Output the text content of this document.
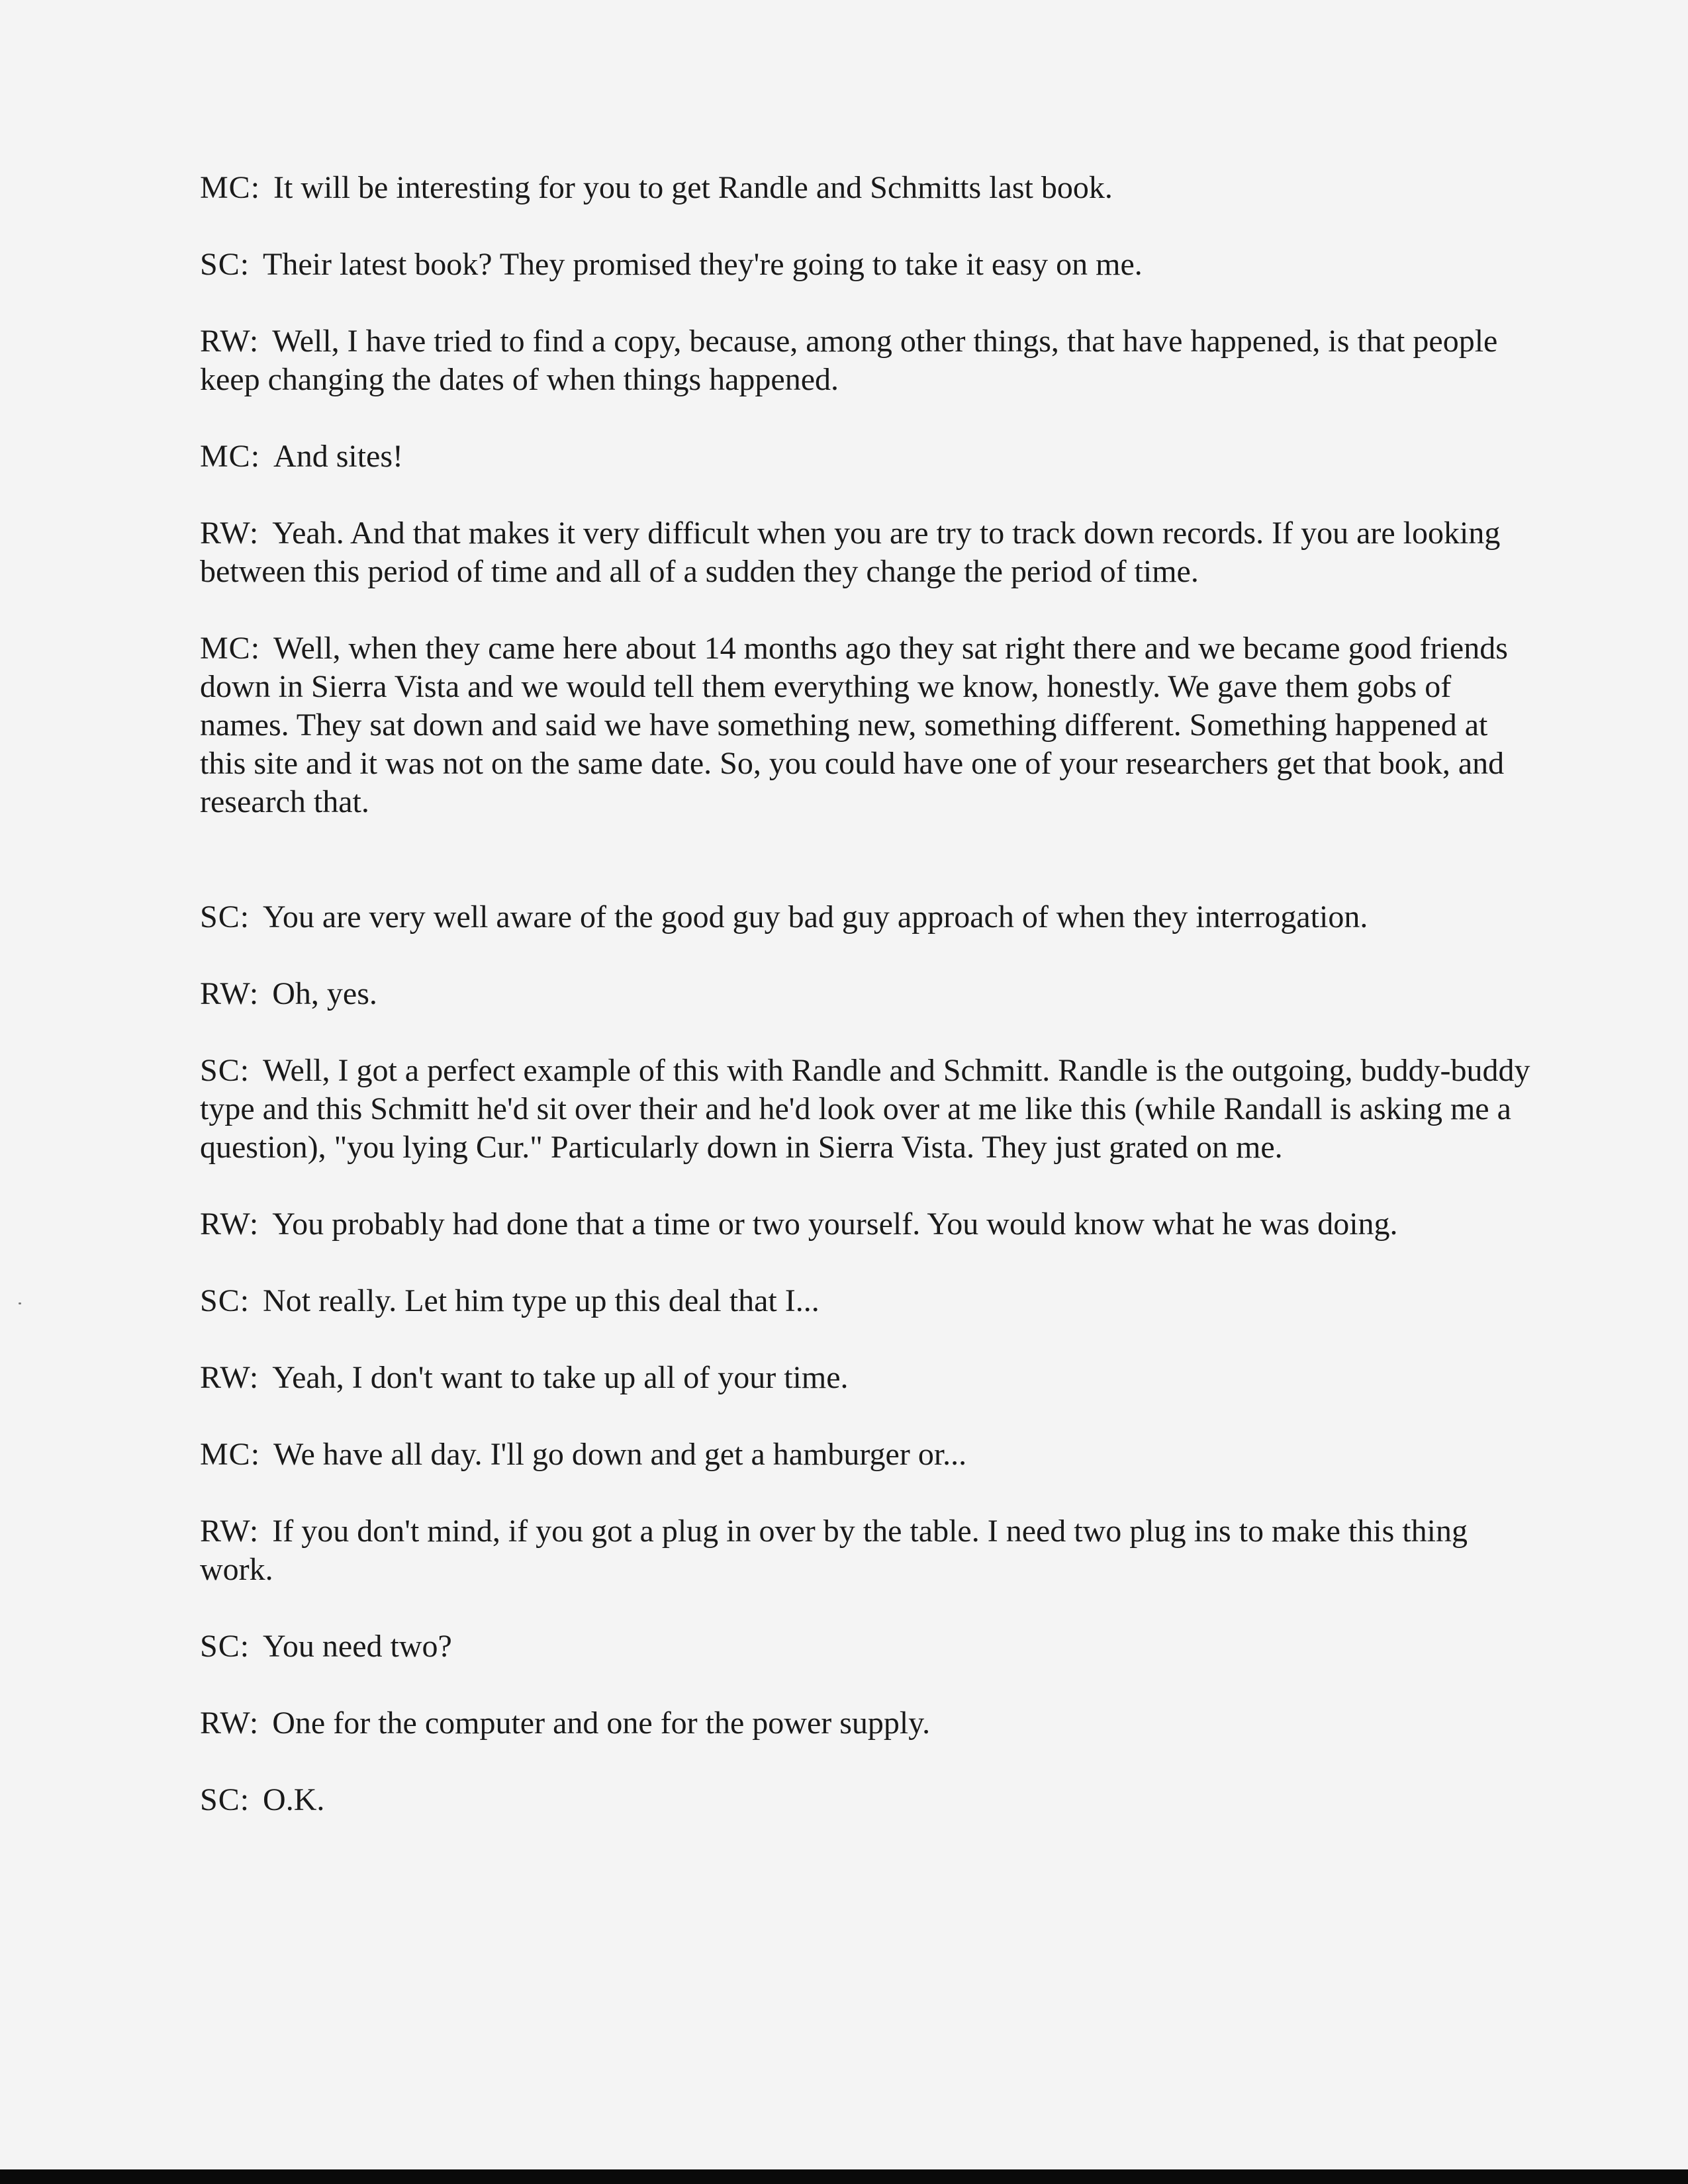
MC: It will be interesting for you to get Randle and Schmitts last book.

SC: Their latest book? They promised they're going to take it easy on me.

RW: Well, I have tried to find a copy, because, among other things, that have happened, is that people keep changing the dates of when things happened.

MC: And sites!

RW: Yeah. And that makes it very difficult when you are try to track down records. If you are looking between this period of time and all of a sudden they change the period of time.

MC: Well, when they came here about 14 months ago they sat right there and we became good friends down in Sierra Vista and we would tell them everything we know, honestly. We gave them gobs of names. They sat down and said we have something new, something different. Something happened at this site and it was not on the same date. So, you could have one of your researchers get that book, and research that.

SC: You are very well aware of the good guy bad guy approach of when they interrogation.

RW: Oh, yes.

SC: Well, I got a perfect example of this with Randle and Schmitt. Randle is the outgoing, buddy-buddy type and this Schmitt he'd sit over their and he'd look over at me like this (while Randall is asking me a question), "you lying Cur." Particularly down in Sierra Vista. They just grated on me.

RW: You probably had done that a time or two yourself. You would know what he was doing.

SC: Not really. Let him type up this deal that I...

RW: Yeah, I don't want to take up all of your time.

MC: We have all day. I'll go down and get a hamburger or...

RW: If you don't mind, if you got a plug in over by the table. I need two plug ins to make this thing work.

SC: You need two?

RW: One for the computer and one for the power supply.

SC: O.K.
